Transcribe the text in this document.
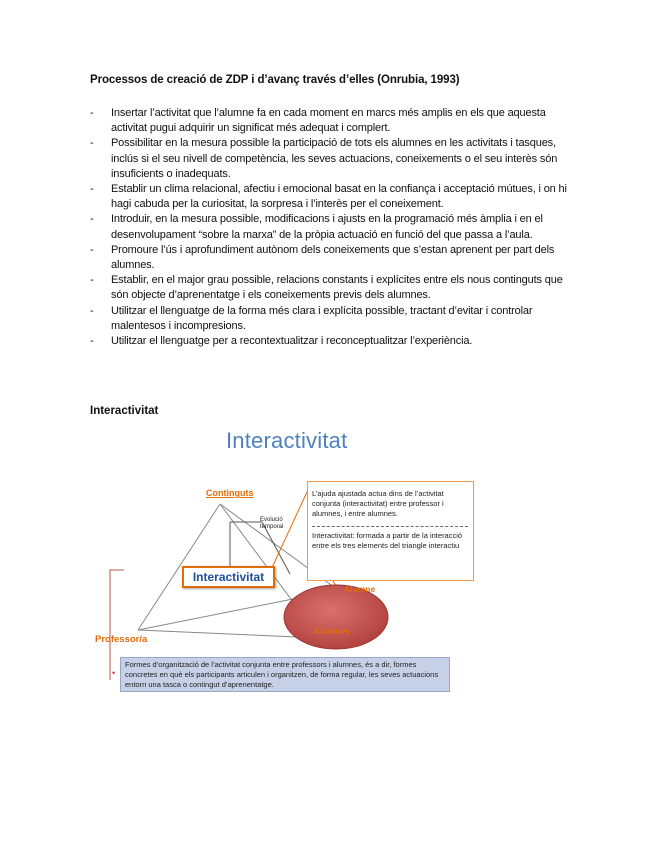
Processos de creació de ZDP i d’avanç través d’elles (Onrubia, 1993)
- Insertar l’activitat que l’alumne fa en cada moment en marcs més amplis en els que aquesta activitat pugui adquirir un significat més adequat i complert.
- Possibilitar en la mesura possible la participació de tots els alumnes en les activitats i tasques, inclús si el seu nivell de competència, les seves actuacions, coneixements o el seu interès són insuficients o inadequats.
- Establir un clima relacional, afectiu i emocional basat en la confiança i acceptació mútues, i on hi hagi cabuda per la curiositat, la sorpresa i l’interès per el coneixement.
- Introduir, en la mesura possible, modificacions i ajusts en la programació més àmplia i en el desenvolupament “sobre la marxa” de la pròpia actuació en funció del que passa a l’aula.
- Promoure l’ús i aprofundiment autònom dels coneixements que s’estan aprenent per part dels alumnes.
- Establir, en el major grau possible, relacions constants i explícites entre els nous continguts que són objecte d’aprenentatge i els coneixements previs dels alumnes.
- Utilitzar el llenguatge de la forma més clara i explícita possible, tractant d’evitar i controlar malentesos i incompresions.
- Utilitzar el llenguatge per a recontextualitzar i reconceptualitzar l’experiència.
Interactivitat
Interactivitat
Continguts
Evolució temporal
Professor/a
Alumne
Alumnes
Interactivitat
L’ajuda ajustada actua dins de l’activitat conjunta (interactivitat) entre professor i alumnes, i entre alumnes.
Interactivitat: formada a partir de la interacció entre els tres elements del triangle interactiu
•
Formes d’organització de l’activitat conjunta entre professors i alumnes, és a dir, formes concretes en què els participants articulen i organitzen, de forma regular, les seves actuacions entorn una tasca o contingut d’aprenentatge.
